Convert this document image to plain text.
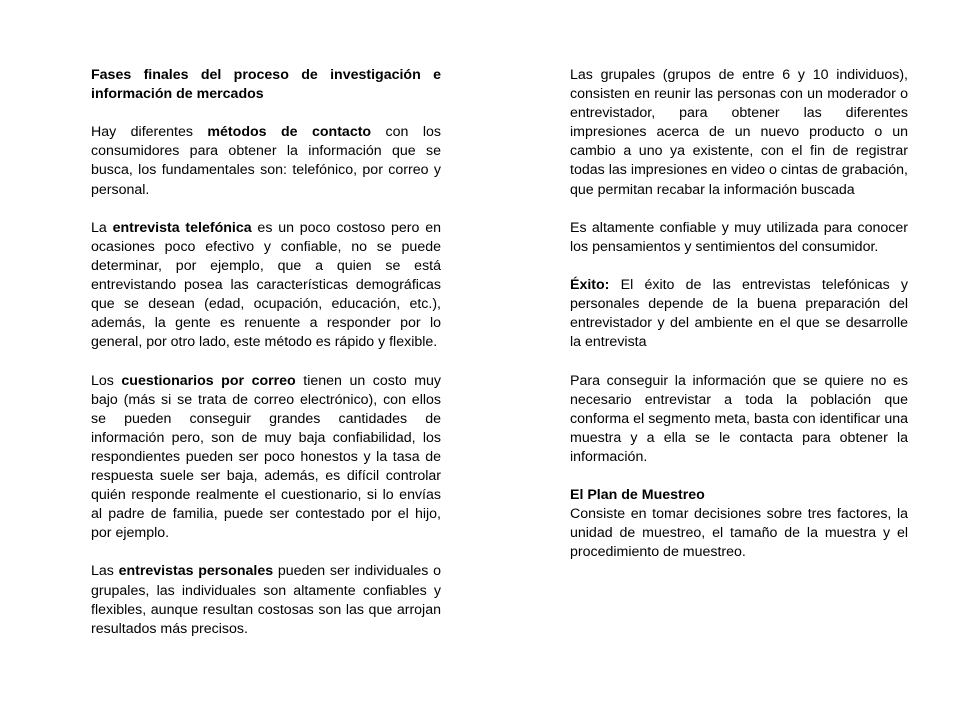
Fases finales del proceso de investigación e información de mercados

Hay diferentes métodos de contacto con los consumidores para obtener la información que se busca, los fundamentales son: telefónico, por correo y personal.

La entrevista telefónica es un poco costoso pero en ocasiones poco efectivo y confiable, no se puede determinar, por ejemplo, que a quien se está entrevistando posea las características demográficas que se desean (edad, ocupación, educación, etc.), además, la gente es renuente a responder por lo general, por otro lado, este método es rápido y flexible.

Los cuestionarios por correo tienen un costo muy bajo (más si se trata de correo electrónico), con ellos se pueden conseguir grandes cantidades de información pero, son de muy baja confiabilidad, los respondientes pueden ser poco honestos y la tasa de respuesta suele ser baja, además, es difícil controlar quién responde realmente el cuestionario, si lo envías al padre de familia, puede ser contestado por el hijo, por ejemplo.

Las entrevistas personales pueden ser individuales o grupales, las individuales son altamente confiables y flexibles, aunque resultan costosas son las que arrojan resultados más precisos.

Las grupales (grupos de entre 6 y 10 individuos), consisten en reunir las personas con un moderador o entrevistador, para obtener las diferentes impresiones acerca de un nuevo producto o un cambio a uno ya existente, con el fin de registrar todas las impresiones en video o cintas de grabación, que permitan recabar la información buscada

Es altamente confiable y muy utilizada para conocer los pensamientos y sentimientos del consumidor.

Éxito: El éxito de las entrevistas telefónicas y personales depende de la buena preparación del entrevistador y del ambiente en el que se desarrolle la entrevista

Para conseguir la información que se quiere no es necesario entrevistar a toda la población que conforma el segmento meta, basta con identificar una muestra y a ella se le contacta para obtener la información.

El Plan de Muestreo
Consiste en tomar decisiones sobre tres factores, la unidad de muestreo, el tamaño de la muestra y el procedimiento de muestreo.
